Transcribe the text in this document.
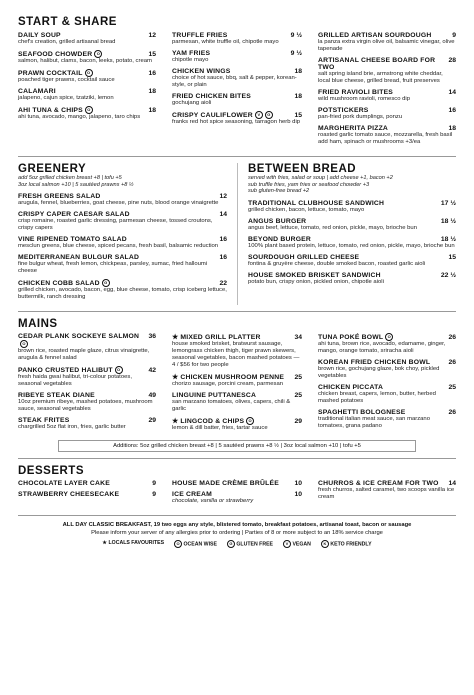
START & SHARE
DAILY SOUP	12
chef's creation, grilled artisanal bread
SEAFOOD CHOWDER O	15
salmon, halibut, clams, bacon, leeks, potato, cream
PRAWN COCKTAIL O	16
poached tiger prawns, cocktail sauce
CALAMARI	18
jalapeno, cajun spice, tzatziki, lemon
AHI TUNA & CHIPS O	18
ahi tuna, avocado, mango, jalapeno, taro chips
TRUFFLE FRIES	9 ½
parmesan, white truffle oil, chipotle mayo
YAM FRIES	9 ½
chipotle mayo
CHICKEN WINGS	18
choice of hot sauce, bbq, salt & pepper, korean-style, or plain
FRIED CHICKEN BITES	18
gochujang aioli
CRISPY CAULIFLOWER V G	15
franks red hot spice seasoning, tarragon herb dip
GRILLED ARTISAN SOURDOUGH	9
la panza extra virgin olive oil, balsamic vinegar, olive tapenade
ARTISANAL CHEESE BOARD FOR TWO
28
salt spring island brie, armstrong white cheddar, local blue cheese, grilled bread, fruit preserves
FRIED RAVIOLI BITES	14
wild mushroom ravioli, romesco dip
POTSTICKERS	16
pan-fried pork dumplings, ponzu
MARGHERITA PIZZA	18
roasted garlic tomato sauce, mozzarella, fresh basil add ham, spinach or mushrooms +3/ea
GREENERY
add 5oz grilled chicken breast +8 | tofu +5
3oz local salmon +10 | 5 sautéed prawns +8 ½
FRESH GREENS SALAD	12
arugula, fennel, blueberries, goat cheese, pine nuts, blood orange vinaigrette
CRISPY CAPER CAESAR SALAD	14
crisp romaine, roasted garlic dressing, parmesan cheese, tossed croutons, crispy capers
VINE RIPENED TOMATO SALAD	16
mesclun greens, blue cheese, spiced pecans, fresh basil, balsamic reduction
MEDITERRANEAN BULGUR SALAD	16
fine bulgur wheat, fresh lemon, chickpeas, parsley, sumac, fried halloumi cheese
CHICKEN COBB SALAD G	22
grilled chicken, avocado, bacon, egg, blue cheese, tomato, crisp iceberg lettuce, buttermilk, ranch dressing
BETWEEN BREAD
served with fries, salad or soup | add cheese +1, bacon +2
sub truffle fries, yam fries or seafood chowder +3
sub gluten-free bread +2
TRADITIONAL CLUBHOUSE SANDWICH	17 ½
grilled chicken, bacon, lettuce, tomato, mayo
ANGUS BURGER	18 ½
angus beef, lettuce, tomato, red onion, pickle, mayo, brioche bun
BEYOND BURGER	18 ½
100% plant based protein, lettuce, tomato, red onion, pickle, mayo, brioche bun
SOURDOUGH GRILLED CHEESE	15
fontina & gruyère cheese, double smoked bacon, roasted garlic aioli
HOUSE SMOKED BRISKET SANDWICH	22 ½
potato bun, crispy onion, pickled onion, chipotle aioli
MAINS
CEDAR PLANK SOCKEYE SALMONO
36
brown rice, roasted maple glaze, citrus vinaigrette, arugula & fennel salad
PANKO CRUSTED HALIBUT O	42
fresh haida gwai halibut, tri-colour potatoes, seasonal vegetables
RIBEYE STEAK DIANE	49
10oz premium ribeye, mashed potatoes, mushroom sauce, seasonal vegetables
STEAK FRITES	29
chargrilled 5oz flat iron, fries, garlic butter
★ MIXED GRILL PLATTER	34
house smoked brisket, bratwurst sausage, lemongrass chicken thigh, tiger prawn skewers, seasonal vegetables, bacon mashed potatoes — 4 / $56 for two people
★ CHICKEN MUSHROOM PENNE 25
chorizo sausage, porcini cream, parmesan
LINGUINE PUTTANESCA	25
san marzano tomatoes, olives, capers, chili & garlic
★ LINGCOD & CHIPS O	29
lemon & dill batter, fries, tartar sauce
TUNA POKÉ BOWL O	26
ahi tuna, brown rice, avocado, edamame, ginger, mango, orange tomato, sriracha aioli
KOREAN FRIED CHICKEN BOWL	26
brown rice, gochujang glaze, bok choy, pickled vegetables
CHICKEN PICCATA	25
chicken breast, capers, lemon, butter, herbed mashed potatoes
SPAGHETTI BOLOGNESE	26
traditional italian meat sauce, san marzano tomatoes, grana padano
Additions: 5oz grilled chicken breast +8 | 5 sautéed prawns +8 ½ | 3oz local salmon +10 | tofu +5
DESSERTS
CHOCOLATE LAYER CAKE	9
STRAWBERRY CHEESECAKE	9
HOUSE MADE CRÈME BRÛLÉE 10
ICE CREAM	10
chocolate, vanilla or strawberry
CHURROS & ICE CREAM FOR TWO 14
fresh churros, salted caramel, two scoops vanilla ice cream
ALL DAY CLASSIC BREAKFAST, 19 two eggs any style, blistered tomato, breakfast potatoes, artisanal toast, bacon or sausage
Please inform your server of any allergies prior to ordering | Parties of 8 or more subject to an 18% service charge
★ LOCALS FAVOURITES	O OCEAN WISE	G GLUTEN FREE	V VEGAN	K KETO FRIENDLY
